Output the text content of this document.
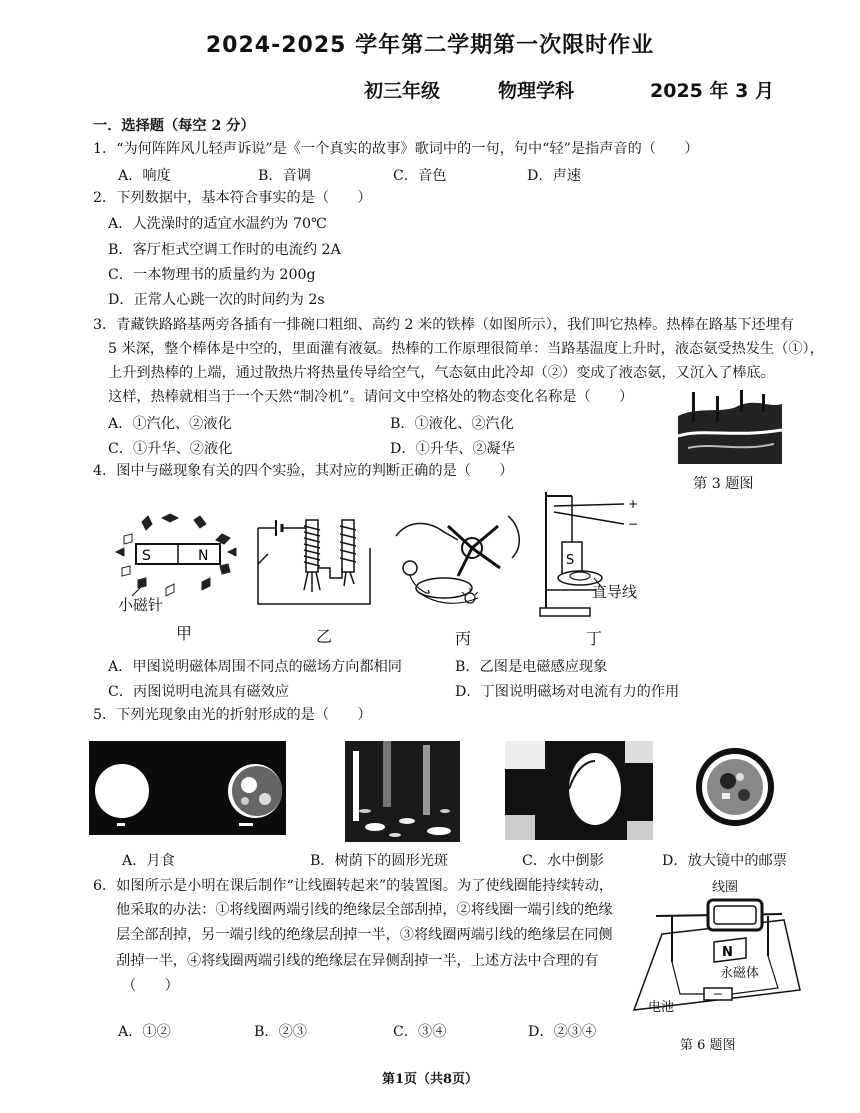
2024-2025 学年第二学期第一次限时作业
初三年级	物理学科	2025 年 3 月
一．选择题（每空 2 分）
1．“为何阵阵风儿轻声诉说”是《一个真实的故事》歌词中的一句，句中“轻”是指声音的（　　）
A．响度	B．音调	C．音色	D．声速
2．下列数据中，基本符合事实的是（　　）
A．人洗澡时的适宜水温约为 70℃
B．客厅柜式空调工作时的电流约 2A
C．一本物理书的质量约为 200g
D．正常人心跳一次的时间约为 2s
3．青藏铁路路基两旁各插有一排碗口粗细、高约 2 米的铁棒（如图所示），我们叫它热棒。热棒在路基下还埋有
5 米深，整个棒体是中空的，里面灌有液氨。热棒的工作原理很简单：当路基温度上升时，液态氨受热发生（①），
上升到热棒的上端，通过散热片将热量传导给空气，气态氨由此冷却（②）变成了液态氨，又沉入了棒底。
这样，热棒就相当于一个天然“制冷机”。请问文中空格处的物态变化名称是（　　）
A．①汽化、②液化	B．①液化、②汽化
C．①升华、②液化	D．①升华、②凝华
第 3 题图
4．图中与磁现象有关的四个实验，其对应的判断正确的是（　　）
S	N
小磁针
+
−
S
直导线
甲	乙	丙	丁
A．甲图说明磁体周围不同点的磁场方向都相同	B．乙图是电磁感应现象
C．丙图说明电流具有磁效应	D．丁图说明磁场对电流有力的作用
5．下列光现象由光的折射形成的是（　　）
A．月食	B．树荫下的圆形光斑	C．水中倒影	D．放大镜中的邮票
6．如图所示是小明在课后制作“让线圈转起来”的装置图。为了使线圈能持续转动，
他采取的办法：①将线圈两端引线的绝缘层全部刮掉，②将线圈一端引线的绝缘
层全部刮掉，另一端引线的绝缘层刮掉一半，③将线圈两端引线的绝缘层在同侧
刮掉一半，④将线圈两端引线的绝缘层在异侧刮掉一半，上述方法中合理的有
（　　）
A．①②	B．②③	C．③④	D．②③④
N
线圈
永磁体
电池
第 6 题图
第1页（共8页）
